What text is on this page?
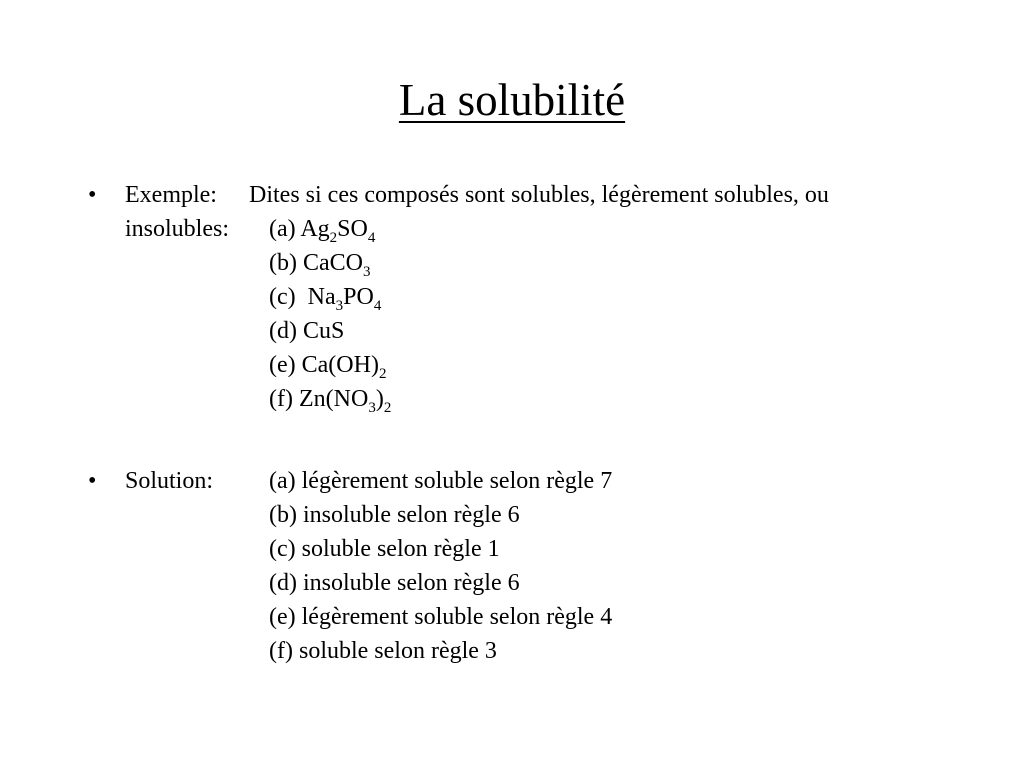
La solubilité
• Exemple: Dites si ces composés sont solubles, légèrement solubles, ou
insolubles: (a) $Ag_2SO_4$
(b) CaCO$_3$
(c)  $Na_3PO_4$
(d) CuS
(e) $Ca(OH)_2$
(f) $Zn(NO_3)_2$
• Solution: (a) légèrement soluble selon règle 7
(b) insoluble selon règle 6
(c) soluble selon règle 1
(d) insoluble selon règle 6
(e) légèrement soluble selon règle 4
(f) soluble selon règle 3
